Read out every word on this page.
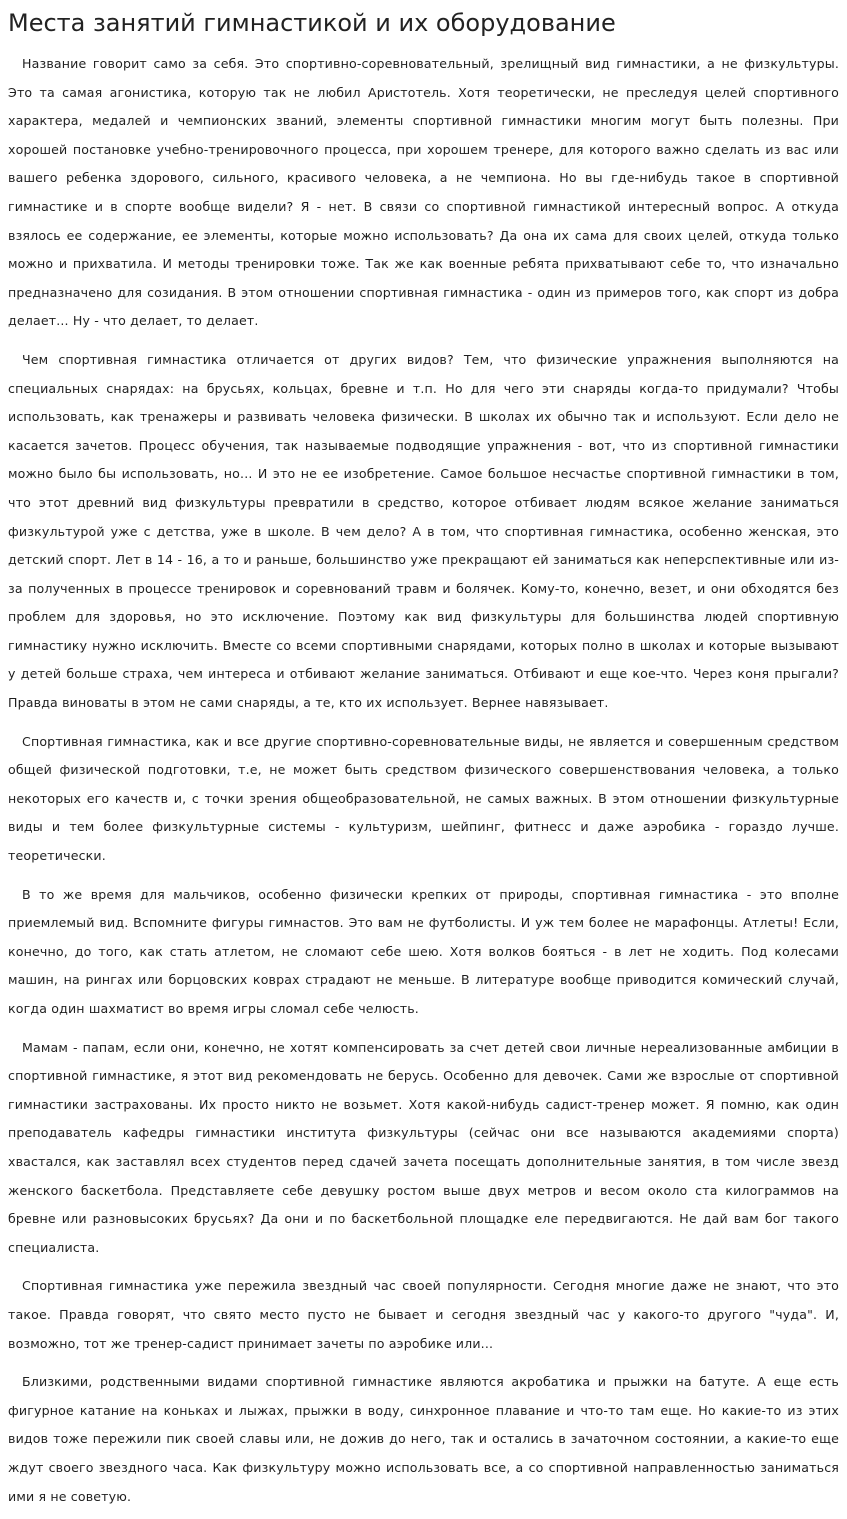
Места занятий гимнастикой и их оборудование

Название говорит само за себя. Это спортивно-соревновательный, зрелищный вид гимнастики, а не физкультуры. Это та самая агонистика, которую так не любил Аристотель. Хотя теоретически, не преследуя целей спортивного характера, медалей и чемпионских званий, элементы спортивной гимнастики многим могут быть полезны. При хорошей постановке учебно-тренировочного процесса, при хорошем тренере, для которого важно сделать из вас или вашего ребенка здорового, сильного, красивого человека, а не чемпиона. Но вы где-нибудь такое в спортивной гимнастике и в спорте вообще видели? Я - нет. В связи со спортивной гимнастикой интересный вопрос. А откуда взялось ее содержание, ее элементы, которые можно использовать? Да она их сама для своих целей, откуда только можно и прихватила. И методы тренировки тоже. Так же как военные ребята прихватывают себе то, что изначально предназначено для созидания. В этом отношении спортивная гимнастика - один из примеров того, как спорт из добра делает... Ну - что делает, то делает.

Чем спортивная гимнастика отличается от других видов? Тем, что физические упражнения выполняются на специальных снарядах: на брусьях, кольцах, бревне и т.п. Но для чего эти снаряды когда-то придумали? Чтобы использовать, как тренажеры и развивать человека физически. В школах их обычно так и используют. Если дело не касается зачетов. Процесс обучения, так называемые подводящие упражнения - вот, что из спортивной гимнастики можно было бы использовать, но... И это не ее изобретение. Самое большое несчастье спортивной гимнастики в том, что этот древний вид физкультуры превратили в средство, которое отбивает людям всякое желание заниматься физкультурой уже с детства, уже в школе. В чем дело? А в том, что спортивная гимнастика, особенно женская, это детский спорт. Лет в 14 - 16, а то и раньше, большинство уже прекращают ей заниматься как неперспективные или из-за полученных в процессе тренировок и соревнований травм и болячек. Кому-то, конечно, везет, и они обходятся без проблем для здоровья, но это исключение. Поэтому как вид физкультуры для большинства людей спортивную гимнастику нужно исключить. Вместе со всеми спортивными снарядами, которых полно в школах и которые вызывают у детей больше страха, чем интереса и отбивают желание заниматься. Отбивают и еще кое-что. Через коня прыгали? Правда виноваты в этом не сами снаряды, а те, кто их использует. Вернее навязывает.

Спортивная гимнастика, как и все другие спортивно-соревновательные виды, не является и совершенным средством общей физической подготовки, т.е, не может быть средством физического совершенствования человека, а только некоторых его качеств и, с точки зрения общеобразовательной, не самых важных. В этом отношении физкультурные виды и тем более физкультурные системы - культуризм, шейпинг, фитнесс и даже аэробика - гораздо лучше. теоретически.

В то же время для мальчиков, особенно физически крепких от природы, спортивная гимнастика - это вполне приемлемый вид. Вспомните фигуры гимнастов. Это вам не футболисты. И уж тем более не марафонцы. Атлеты! Если, конечно, до того, как стать атлетом, не сломают себе шею. Хотя волков бояться - в лет не ходить. Под колесами машин, на рингах или борцовских коврах страдают не меньше. В литературе вообще приводится комический случай, когда один шахматист во время игры сломал себе челюсть.

Мамам - папам, если они, конечно, не хотят компенсировать за счет детей свои личные нереализованные амбиции в спортивной гимнастике, я этот вид рекомендовать не берусь. Особенно для девочек. Сами же взрослые от спортивной гимнастики застрахованы. Их просто никто не возьмет. Хотя какой-нибудь садист-тренер может. Я помню, как один преподаватель кафедры гимнастики института физкультуры (сейчас они все называются академиями спорта) хвастался, как заставлял всех студентов перед сдачей зачета посещать дополнительные занятия, в том числе звезд женского баскетбола. Представляете себе девушку ростом выше двух метров и весом около ста килограммов на бревне или разновысоких брусьях? Да они и по баскетбольной площадке еле передвигаются. Не дай вам бог такого специалиста.

Спортивная гимнастика уже пережила звездный час своей популярности. Сегодня многие даже не знают, что это такое. Правда говорят, что свято место пусто не бывает и сегодня звездный час у какого-то другого "чуда". И, возможно, тот же тренер-садист принимает зачеты по аэробике или...

Близкими, родственными видами спортивной гимнастике являются акробатика и прыжки на батуте. А еще есть фигурное катание на коньках и лыжах, прыжки в воду, синхронное плавание и что-то там еще. Но какие-то из этих видов тоже пережили пик своей славы или, не дожив до него, так и остались в зачаточном состоянии, а какие-то еще ждут своего звездного часа. Как физкультуру можно использовать все, а со спортивной направленностью заниматься ими я не советую.
